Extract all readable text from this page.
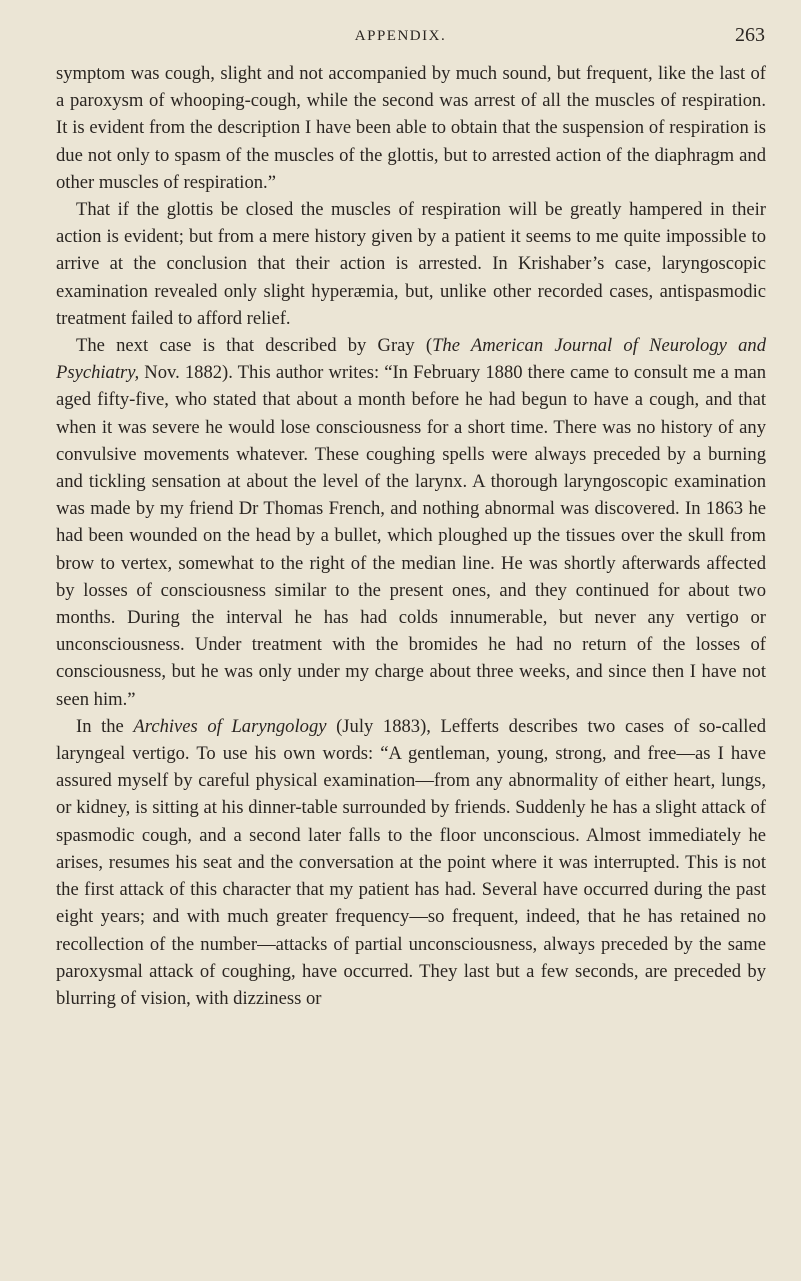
APPENDIX.	263

symptom was cough, slight and not accompanied by much sound, but frequent, like the last of a paroxysm of whooping-cough, while the second was arrest of all the muscles of respiration. It is evident from the description I have been able to obtain that the suspension of respiration is due not only to spasm of the muscles of the glottis, but to arrested action of the diaphragm and other muscles of respiration.”

That if the glottis be closed the muscles of respiration will be greatly hampered in their action is evident; but from a mere history given by a patient it seems to me quite impossible to arrive at the conclusion that their action is arrested. In Krishaber’s case, laryngoscopic examination revealed only slight hyperæmia, but, unlike other recorded cases, antispasmodic treatment failed to afford relief.

The next case is that described by Gray (The American Journal of Neurology and Psychiatry, Nov. 1882). This author writes: “In February 1880 there came to consult me a man aged fifty-five, who stated that about a month before he had begun to have a cough, and that when it was severe he would lose consciousness for a short time. There was no history of any convulsive movements whatever. These coughing spells were always preceded by a burning and tickling sensation at about the level of the larynx. A thorough laryngoscopic examination was made by my friend Dr Thomas French, and nothing abnormal was discovered. In 1863 he had been wounded on the head by a bullet, which ploughed up the tissues over the skull from brow to vertex, somewhat to the right of the median line. He was shortly afterwards affected by losses of consciousness similar to the present ones, and they continued for about two months. During the interval he has had colds innumerable, but never any vertigo or unconsciousness. Under treatment with the bromides he had no return of the losses of consciousness, but he was only under my charge about three weeks, and since then I have not seen him.”

In the Archives of Laryngology (July 1883), Lefferts describes two cases of so-called laryngeal vertigo. To use his own words: “A gentleman, young, strong, and free—as I have assured myself by careful physical examination—from any abnormality of either heart, lungs, or kidney, is sitting at his dinner-table surrounded by friends. Suddenly he has a slight attack of spasmodic cough, and a second later falls to the floor unconscious. Almost immediately he arises, resumes his seat and the conversation at the point where it was interrupted. This is not the first attack of this character that my patient has had. Several have occurred during the past eight years; and with much greater frequency—so frequent, indeed, that he has retained no recollection of the number—attacks of partial unconsciousness, always preceded by the same paroxysmal attack of coughing, have occurred. They last but a few seconds, are preceded by blurring of vision, with dizziness or
